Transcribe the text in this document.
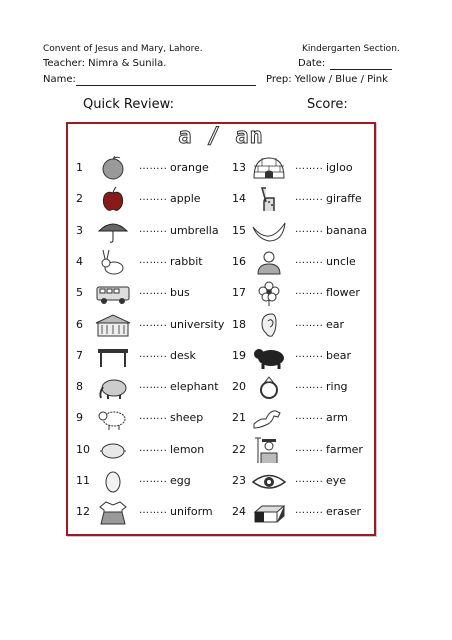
Convent of Jesus and Mary, Lahore.	Kindergarten Section.
Teacher: Nimra & Sunila.	Date:
Name:	Prep: Yellow / Blue / Pink
Quick Review:	Score:
a / an
1	…….. orange
2	…….. apple
3	…….. umbrella
4	…….. rabbit
5	…….. bus
6	…….. university
7	…….. desk
8	…….. elephant
9	…….. sheep
10	…….. lemon
11	…….. egg
12	…….. uniform
13	…….. igloo
14	…….. giraffe
15	…….. banana
16	…….. uncle
17	…….. flower
18	…….. ear
19	…….. bear
20	…….. ring
21	…….. arm
22	…….. farmer
23	…….. eye
24	…….. eraser
